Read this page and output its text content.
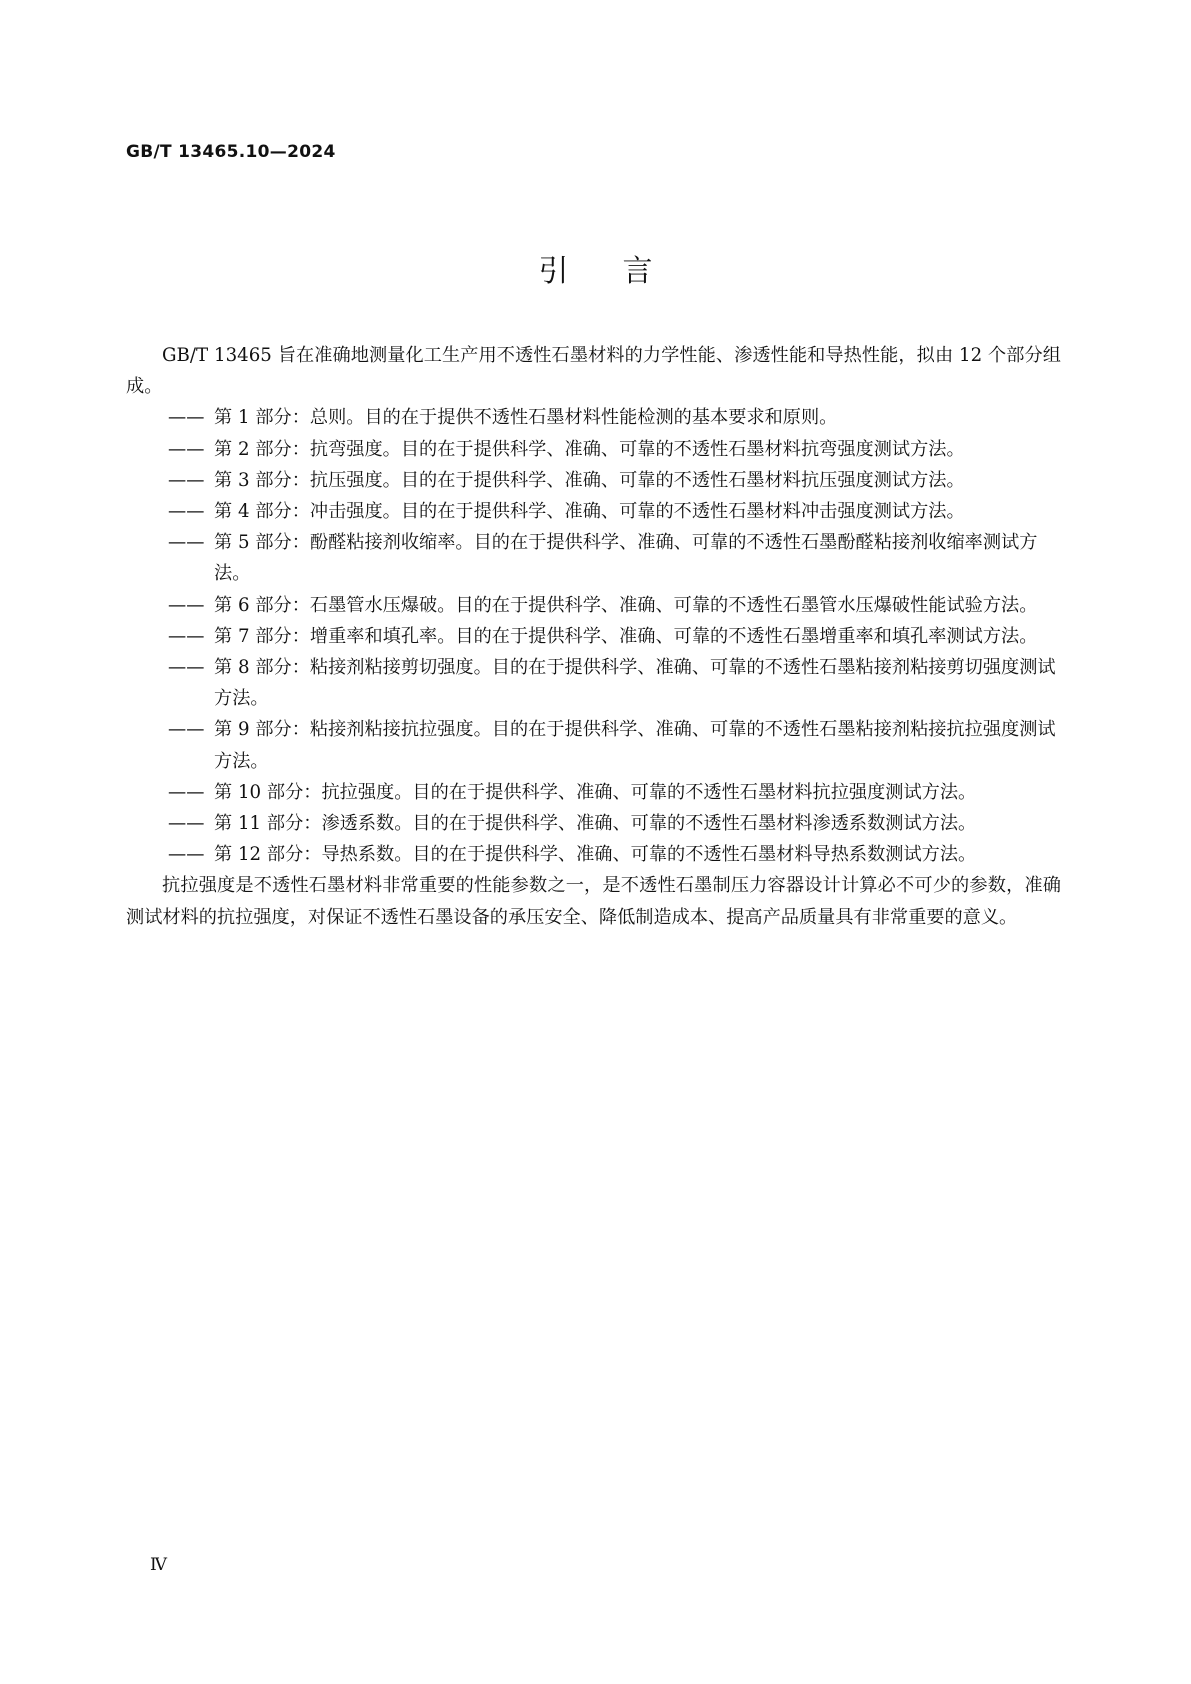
GB/T 13465.10—2024
引言

GB/T 13465 旨在准确地测量化工生产用不透性石墨材料的力学性能、渗透性能和导热性能，拟由 12 个部分组成。

—— 第 1 部分：总则。目的在于提供不透性石墨材料性能检测的基本要求和原则。

—— 第 2 部分：抗弯强度。目的在于提供科学、准确、可靠的不透性石墨材料抗弯强度测试方法。

—— 第 3 部分：抗压强度。目的在于提供科学、准确、可靠的不透性石墨材料抗压强度测试方法。

—— 第 4 部分：冲击强度。目的在于提供科学、准确、可靠的不透性石墨材料冲击强度测试方法。

—— 第 5 部分：酚醛粘接剂收缩率。目的在于提供科学、准确、可靠的不透性石墨酚醛粘接剂收缩率测试方法。

—— 第 6 部分：石墨管水压爆破。目的在于提供科学、准确、可靠的不透性石墨管水压爆破性能试验方法。

—— 第 7 部分：增重率和填孔率。目的在于提供科学、准确、可靠的不透性石墨增重率和填孔率测试方法。

—— 第 8 部分：粘接剂粘接剪切强度。目的在于提供科学、准确、可靠的不透性石墨粘接剂粘接剪切强度测试方法。

—— 第 9 部分：粘接剂粘接抗拉强度。目的在于提供科学、准确、可靠的不透性石墨粘接剂粘接抗拉强度测试方法。

—— 第 10 部分：抗拉强度。目的在于提供科学、准确、可靠的不透性石墨材料抗拉强度测试方法。

—— 第 11 部分：渗透系数。目的在于提供科学、准确、可靠的不透性石墨材料渗透系数测试方法。

—— 第 12 部分：导热系数。目的在于提供科学、准确、可靠的不透性石墨材料导热系数测试方法。

抗拉强度是不透性石墨材料非常重要的性能参数之一，是不透性石墨制压力容器设计计算必不可少的参数，准确测试材料的抗拉强度，对保证不透性石墨设备的承压安全、降低制造成本、提高产品质量具有非常重要的意义。

Ⅳ
